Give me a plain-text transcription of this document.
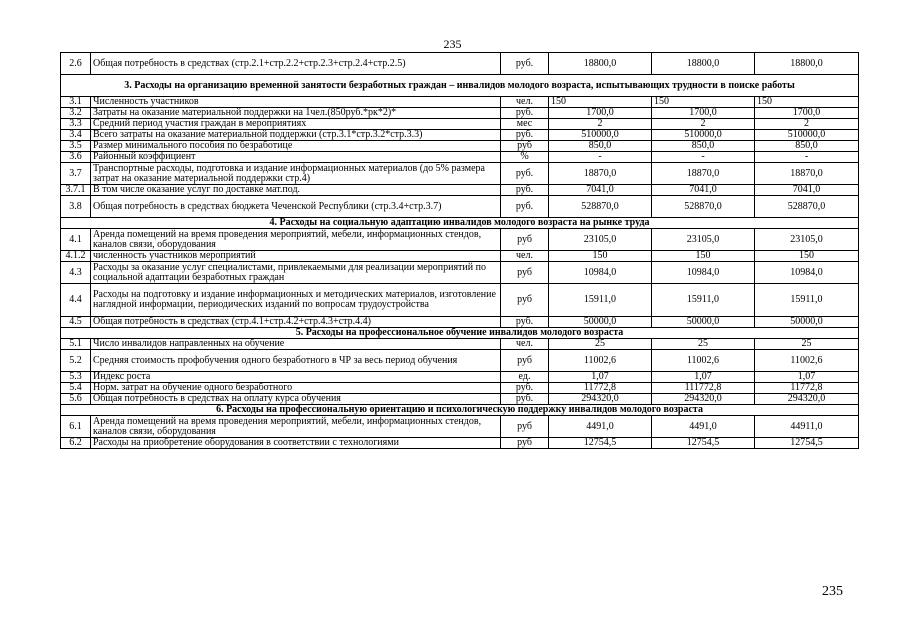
235
2.6	Общая потребность в средствах (стр.2.1+стр.2.2+стр.2.3+стр.2.4+стр.2.5)	руб.	18800,0	18800,0	18800,0
3. Расходы на организацию временной занятости безработных граждан – инвалидов молодого возраста, испытывающих трудности в поиске работы					
3.1	Численность участников	чел.	150	150	150
3.2	Затраты на оказание материальной поддержки на 1чел.(850руб.*рк*2)*	руб.	1700,0	1700,0	1700,0
3.3	Средний период участия граждан в мероприятиях	мес	2	2	2
3.4	Всего затраты на оказание материальной поддержки (стр.3.1*стр.3.2*стр.3.3)	руб.	510000,0	510000,0	510000,0
3.5	Размер минимального пособия по безработице	руб	850,0	850,0	850,0
3.6	Районный коэффициент	%	-	-	-
3.7	Транспортные расходы, подготовка и издание информационных материалов (до 5% размера затрат на оказание материальной поддержки стр.4)	руб.	18870,0	18870,0	18870,0
3.7.1	В том числе оказание услуг по доставке мат.под.	руб.	7041,0	7041,0	7041,0
3.8	Общая потребность в средствах бюджета Чеченской Республики (стр.3.4+стр.3.7)	руб.	528870,0	528870,0	528870,0
4. Расходы на социальную адаптацию инвалидов молодого возраста на рынке труда					
4.1	Аренда помещений на время проведения мероприятий, мебели, информационных стендов, каналов связи, оборудования	руб	23105,0	23105,0	23105,0
4.1.2	численность участников мероприятий	чел.	150	150	150
4.3	Расходы за оказание услуг специалистами, привлекаемыми для реализации мероприятий по социальной адаптации безработных граждан	руб	10984,0	10984,0	10984,0
4.4	Расходы на подготовку и издание информационных и методических материалов, изготовление наглядной информации, периодических изданий по вопросам трудоустройства	руб	15911,0	15911,0	15911,0
4.5	Общая потребность в средствах (стр.4.1+стр.4.2+стр.4.3+стр.4.4)	руб.	50000,0	50000,0	50000,0
5. Расходы на профессиональное обучение инвалидов молодого возраста					
5.1	Число инвалидов направленных на обучение	чел.	25	25	25
5.2	Средняя стоимость профобучения одного безработного в ЧР за весь период обучения	руб	11002,6	11002,6	11002,6
5.3	Индекс роста	ед.	1,07	1,07	1,07
5.4	Норм. затрат на обучение одного безработного	руб.	11772,8	111772,8	11772,8
5.6	Общая потребность в средствах на оплату курса обучения	руб.	294320,0	294320,0	294320,0
6. Расходы на профессиональную ориентацию и психологическую поддержку инвалидов молодого возраста					
6.1	Аренда помещений на время проведения мероприятий, мебели, информационных стендов, каналов связи, оборудования	руб	4491,0	4491,0	44911,0
6.2	Расходы на приобретение оборудования в соответствии с технологиями	руб	12754,5	12754,5	12754,5
235
